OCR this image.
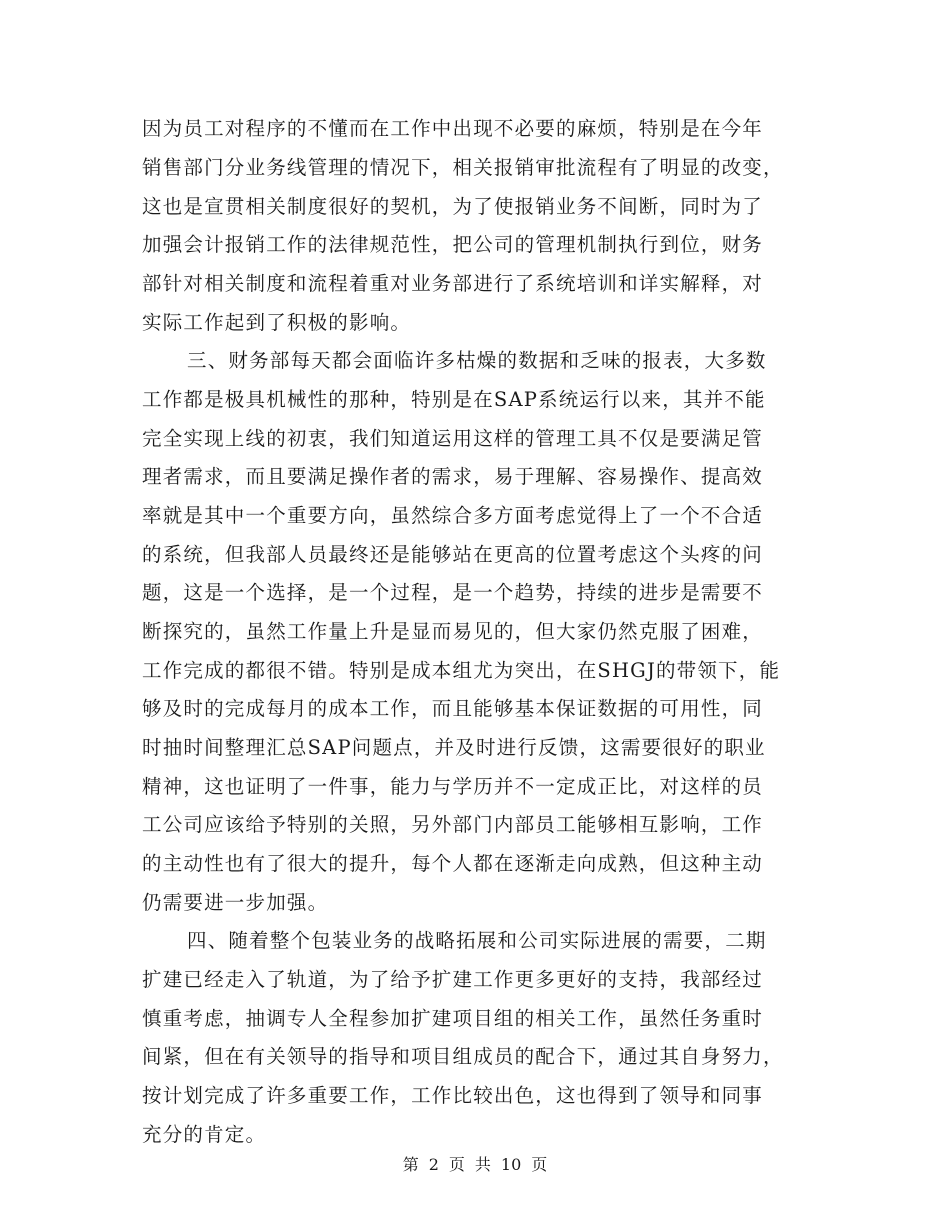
因为员工对程序的不懂而在工作中出现不必要的麻烦，特别是在今年
销售部门分业务线管理的情况下，相关报销审批流程有了明显的改变，
这也是宣贯相关制度很好的契机，为了使报销业务不间断，同时为了
加强会计报销工作的法律规范性，把公司的管理机制执行到位，财务
部针对相关制度和流程着重对业务部进行了系统培训和详实解释，对
实际工作起到了积极的影响。
三、财务部每天都会面临许多枯燥的数据和乏味的报表，大多数
工作都是极具机械性的那种，特别是在SAP系统运行以来，其并不能
完全实现上线的初衷，我们知道运用这样的管理工具不仅是要满足管
理者需求，而且要满足操作者的需求，易于理解、容易操作、提高效
率就是其中一个重要方向，虽然综合多方面考虑觉得上了一个不合适
的系统，但我部人员最终还是能够站在更高的位置考虑这个头疼的问
题，这是一个选择，是一个过程，是一个趋势，持续的进步是需要不
断探究的，虽然工作量上升是显而易见的，但大家仍然克服了困难，
工作完成的都很不错。特别是成本组尤为突出，在SHGJ的带领下，能
够及时的完成每月的成本工作，而且能够基本保证数据的可用性，同
时抽时间整理汇总SAP问题点，并及时进行反馈，这需要很好的职业
精神，这也证明了一件事，能力与学历并不一定成正比，对这样的员
工公司应该给予特别的关照，另外部门内部员工能够相互影响，工作
的主动性也有了很大的提升，每个人都在逐渐走向成熟，但这种主动
仍需要进一步加强。
四、随着整个包装业务的战略拓展和公司实际进展的需要，二期
扩建已经走入了轨道，为了给予扩建工作更多更好的支持，我部经过
慎重考虑，抽调专人全程参加扩建项目组的相关工作，虽然任务重时
间紧，但在有关领导的指导和项目组成员的配合下，通过其自身努力，
按计划完成了许多重要工作，工作比较出色，这也得到了领导和同事
充分的肯定。
第 2 页 共 10 页
